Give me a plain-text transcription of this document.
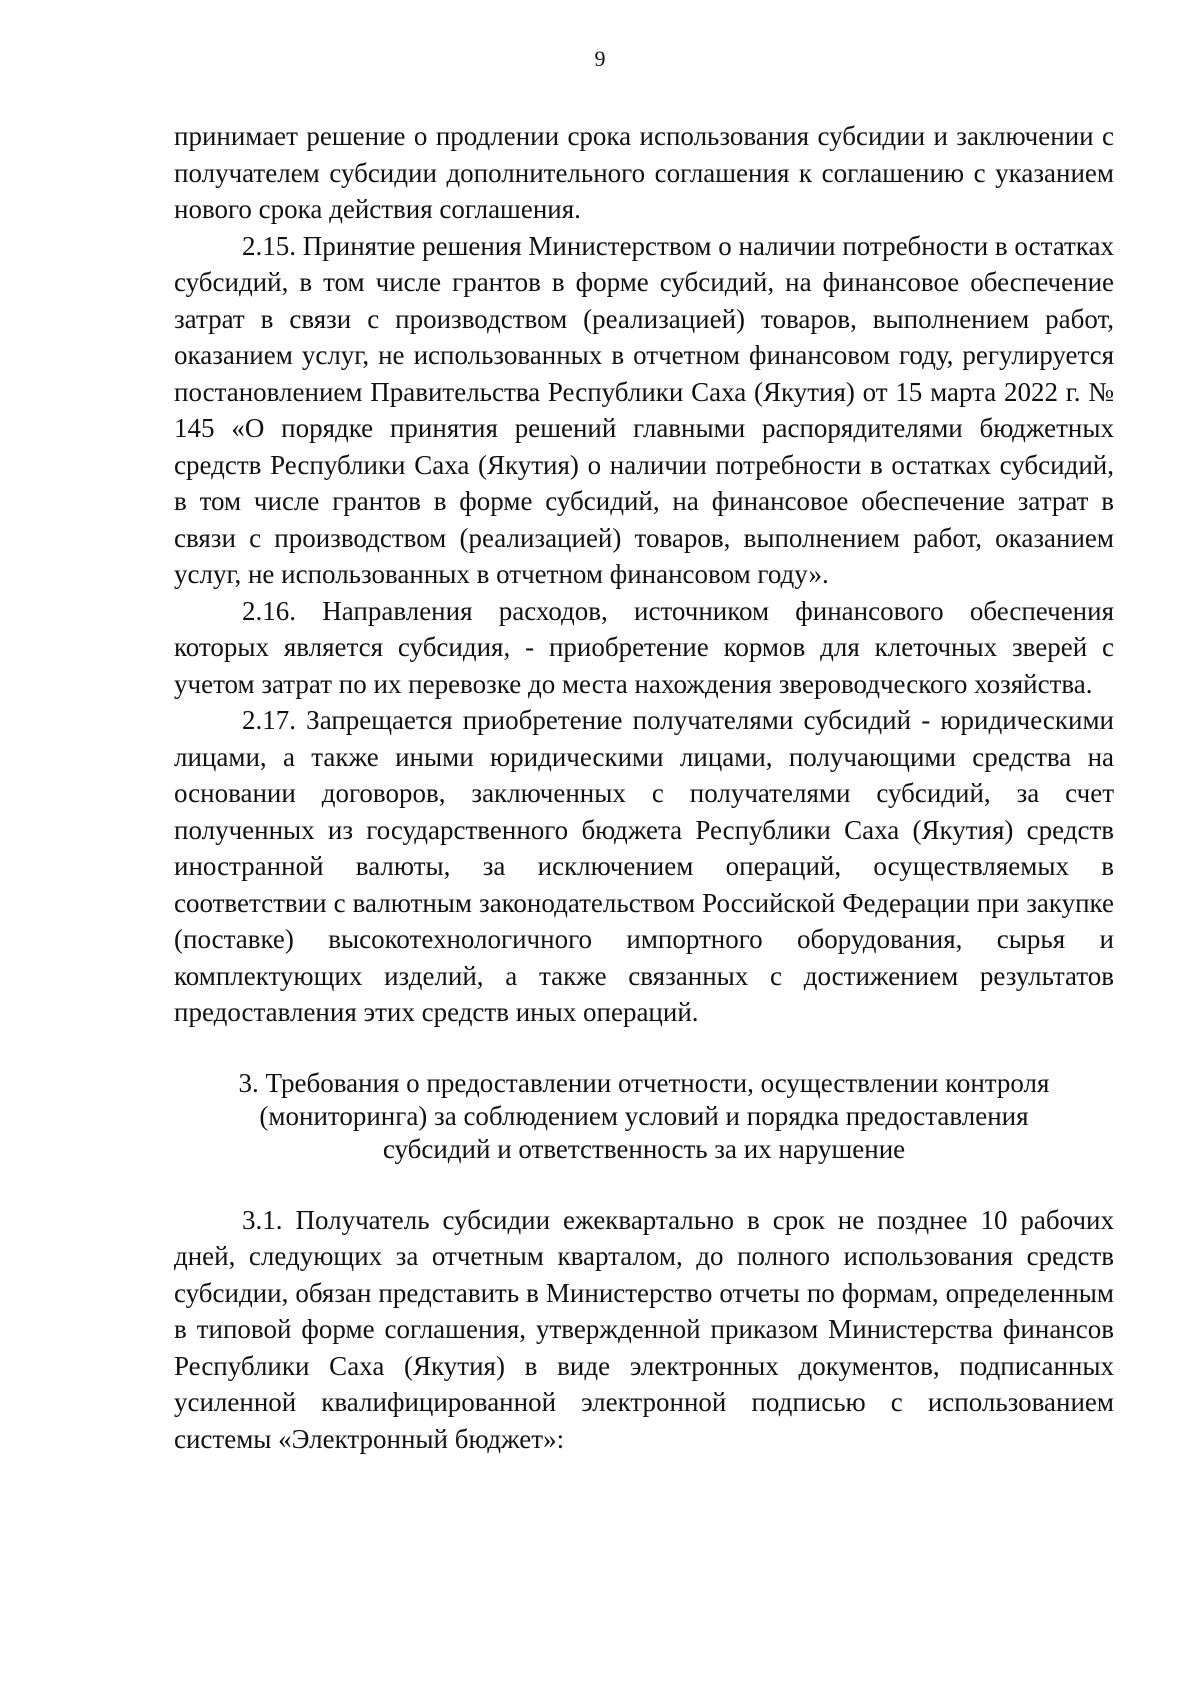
9

принимает решение о продлении срока использования субсидии и заключении с получателем субсидии дополнительного соглашения к соглашению с указанием нового срока действия соглашения.

2.15. Принятие решения Министерством о наличии потребности в остатках субсидий, в том числе грантов в форме субсидий, на финансовое обеспечение затрат в связи с производством (реализацией) товаров, выполнением работ, оказанием услуг, не использованных в отчетном финансовом году, регулируется постановлением Правительства Республики Саха (Якутия) от 15 марта 2022 г. № 145 «О порядке принятия решений главными распорядителями бюджетных средств Республики Саха (Якутия) о наличии потребности в остатках субсидий, в том числе грантов в форме субсидий, на финансовое обеспечение затрат в связи с производством (реализацией) товаров, выполнением работ, оказанием услуг, не использованных в отчетном финансовом году».

2.16. Направления расходов, источником финансового обеспечения которых является субсидия, - приобретение кормов для клеточных зверей с учетом затрат по их перевозке до места нахождения звероводческого хозяйства.

2.17. Запрещается приобретение получателями субсидий - юридическими лицами, а также иными юридическими лицами, получающими средства на основании договоров, заключенных с получателями субсидий, за счет полученных из государственного бюджета Республики Саха (Якутия) средств иностранной валюты, за исключением операций, осуществляемых в соответствии с валютным законодательством Российской Федерации при закупке (поставке) высокотехнологичного импортного оборудования, сырья и комплектующих изделий, а также связанных с достижением результатов предоставления этих средств иных операций.

3. Требования о предоставлении отчетности, осуществлении контроля
(мониторинга) за соблюдением условий и порядка предоставления
субсидий и ответственность за их нарушение

3.1. Получатель субсидии ежеквартально в срок не позднее 10 рабочих дней, следующих за отчетным кварталом, до полного использования средств субсидии, обязан представить в Министерство отчеты по формам, определенным в типовой форме соглашения, утвержденной приказом Министерства финансов Республики Саха (Якутия) в виде электронных документов, подписанных усиленной квалифицированной электронной подписью с использованием системы «Электронный бюджет»:
